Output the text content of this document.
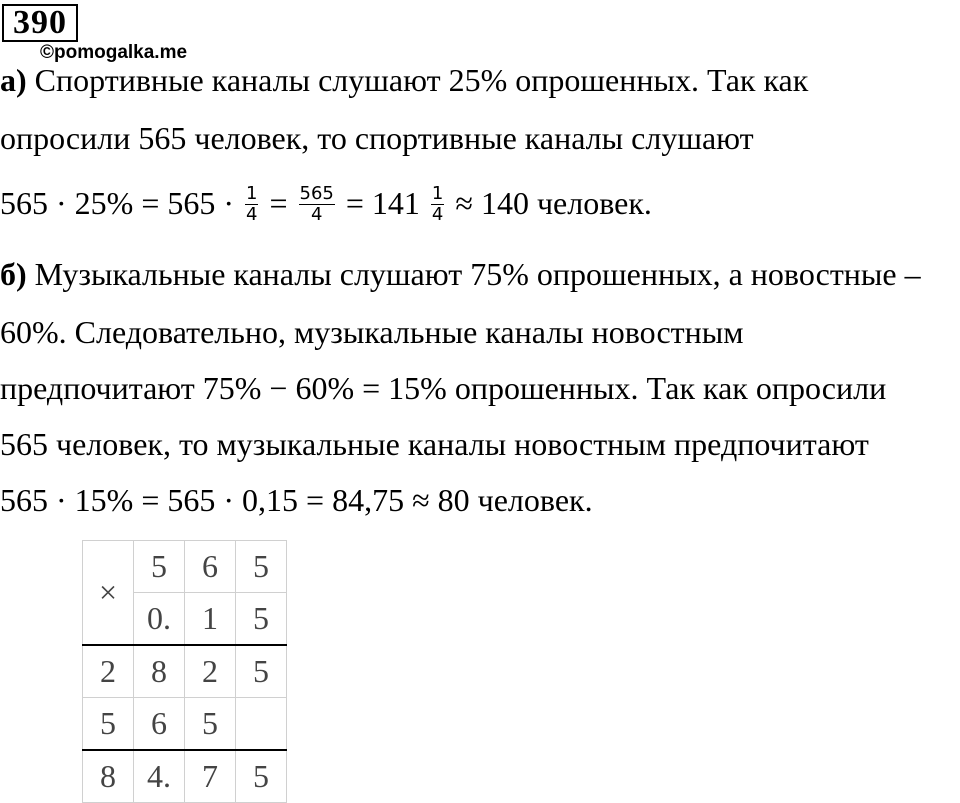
390
©pomogalka.me
а) Спортивные каналы слушают 25% опрошенных. Так как
опросили 565 человек, то спортивные каналы слушают
$565 \cdot 25\% = 565 \cdot \frac{1}{4} = \frac{565}{4} = 141 \frac{1}{4} \approx 140$ человек.
б) Музыкальные каналы слушают 75% опрошенных, а новостные –
60%. Следовательно, музыкальные каналы новостным
предпочитают 75% − 60% = 15% опрошенных. Так как опросили
565 человек, то музыкальные каналы новостным предпочитают
565 · 15% = 565 · 0,15 = 84,75 ≈ 80 человек.
×	5	6	5
	0.	1	5
2	8	2	5
5	6	5	
8	4.	7	5
